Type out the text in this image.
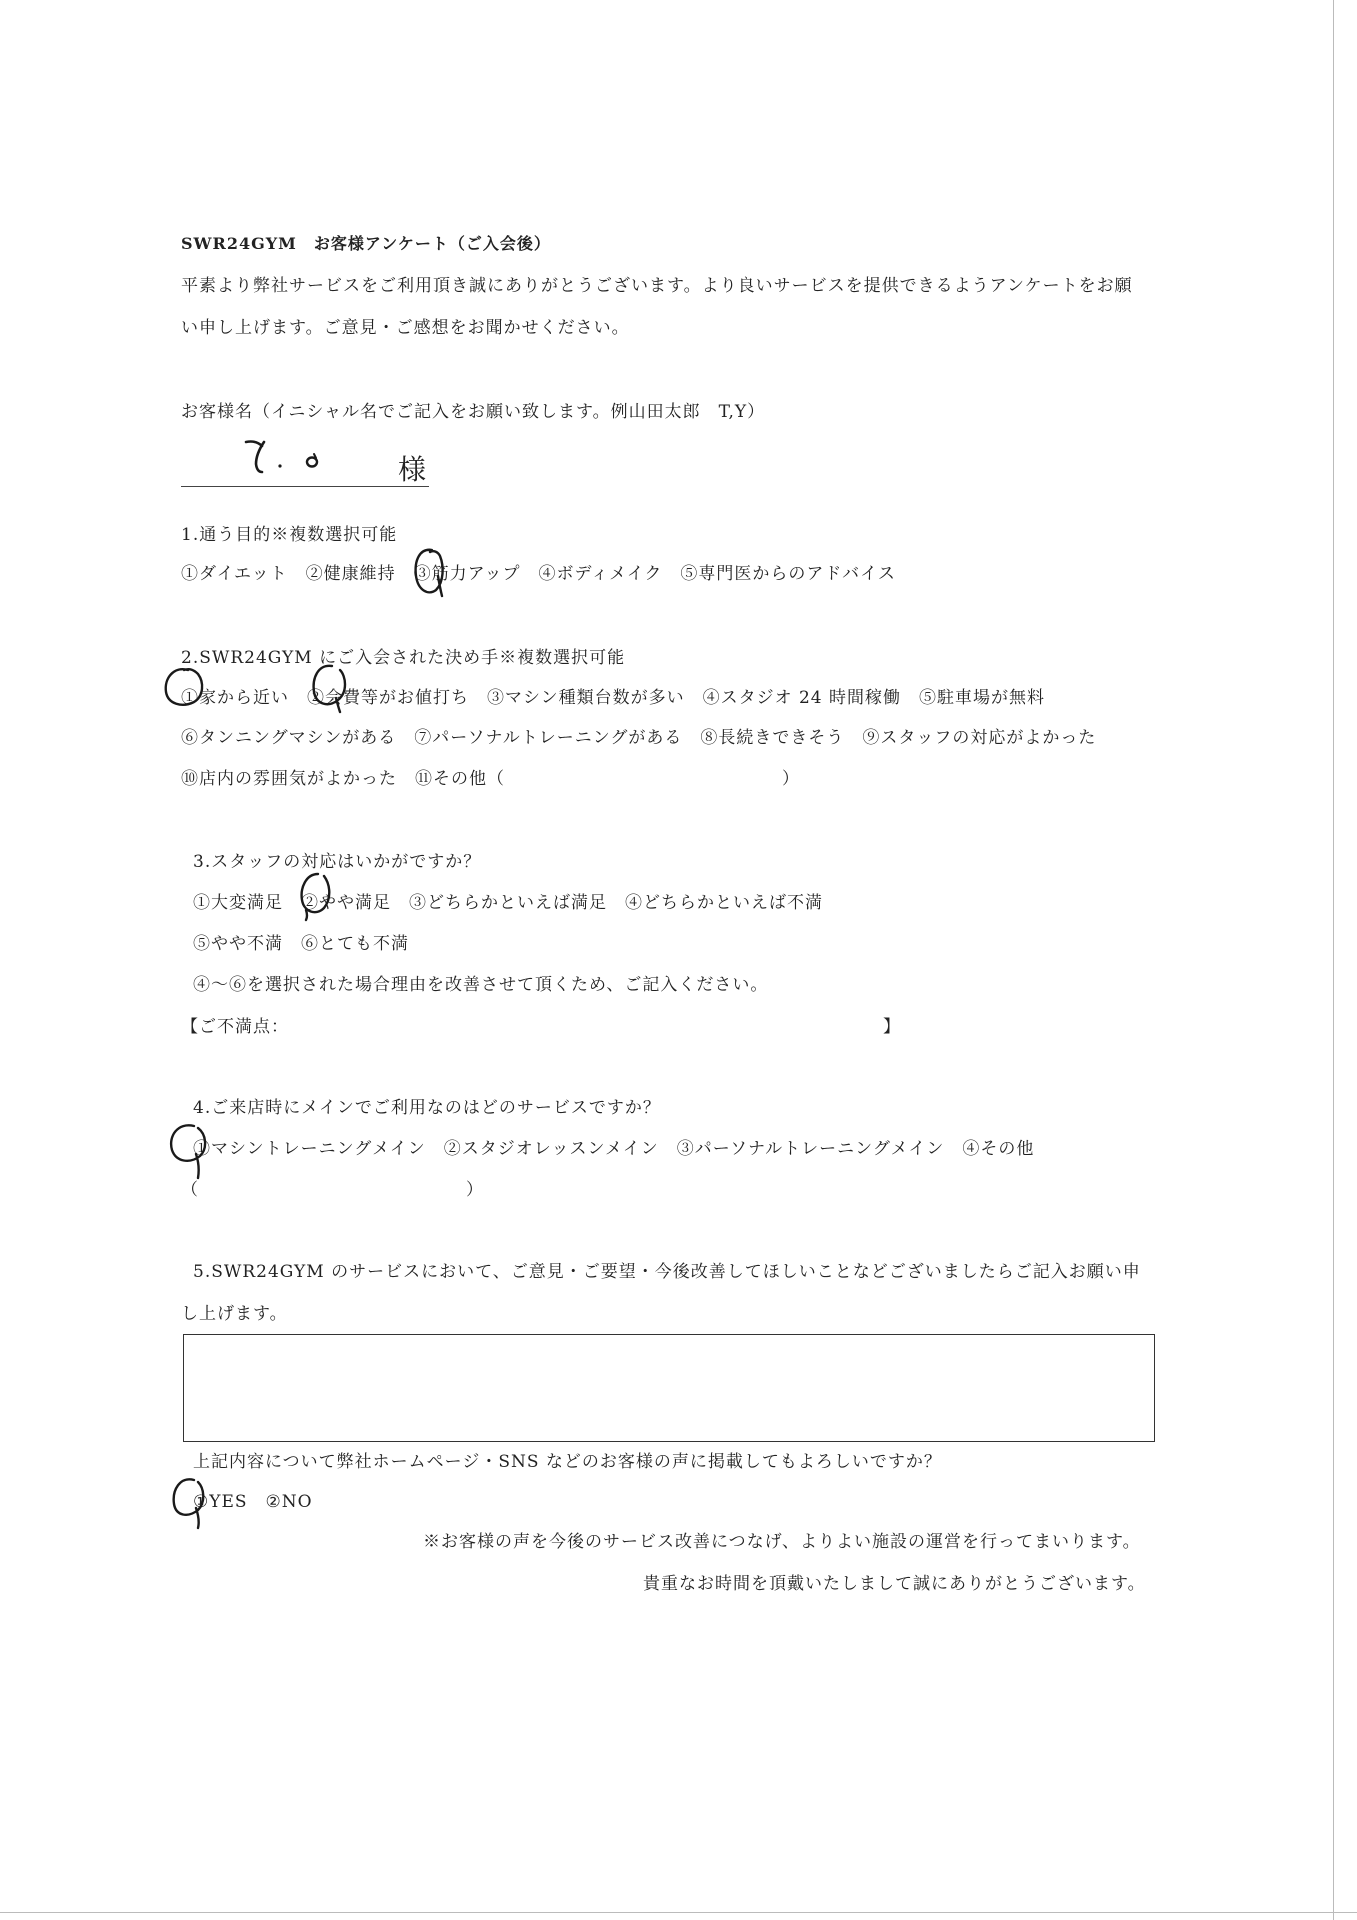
SWR24GYM　お客様アンケート（ご入会後）
平素より弊社サービスをご利用頂き誠にありがとうございます。より良いサービスを提供できるようアンケートをお願
い申し上げます。ご意見・ご感想をお聞かせください。
お客様名（イニシャル名でご記入をお願い致します。例山田太郎　T,Y）
様
1.通う目的※複数選択可能
①ダイエット　②健康維持　③筋力アップ　④ボディメイク　⑤専門医からのアドバイス
2.SWR24GYM にご入会された決め手※複数選択可能
①家から近い　②会費等がお値打ち　③マシン種類台数が多い　④スタジオ 24 時間稼働　⑤駐車場が無料
⑥タンニングマシンがある　⑦パーソナルトレーニングがある　⑧長続きできそう　⑨スタッフの対応がよかった
⑩店内の雰囲気がよかった　⑪その他（	）
3.スタッフの対応はいかがですか？
①大変満足　②やや満足　③どちらかといえば満足　④どちらかといえば不満
⑤やや不満　⑥とても不満
④〜⑥を選択された場合理由を改善させて頂くため、ご記入ください。
【ご不満点：	】
4.ご来店時にメインでご利用なのはどのサービスですか？
①マシントレーニングメイン　②スタジオレッスンメイン　③パーソナルトレーニングメイン　④その他
（	）
5.SWR24GYM のサービスにおいて、ご意見・ご要望・今後改善してほしいことなどございましたらご記入お願い申
し上げます。
上記内容について弊社ホームページ・SNS などのお客様の声に掲載してもよろしいですか？
①YES　②NO
※お客様の声を今後のサービス改善につなげ、よりよい施設の運営を行ってまいります。
貴重なお時間を頂戴いたしまして誠にありがとうございます。
